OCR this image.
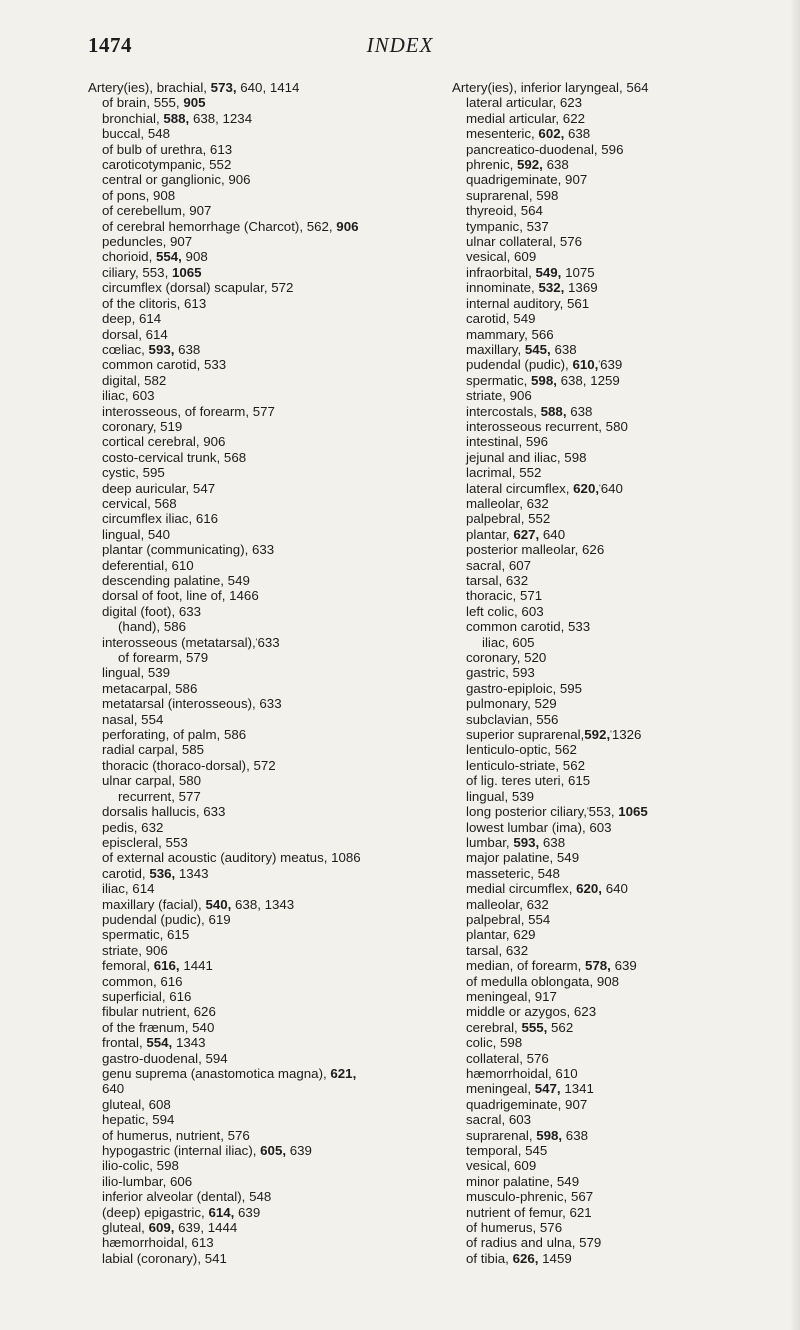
1474	INDEX
Artery(ies), brachial, 573, 640, 1414
of brain, 555, 905
bronchial, 588, 638, 1234
buccal, 548
of bulb of urethra, 613
caroticotympanic, 552
central or ganglionic, 906
of pons, 908
of cerebellum, 907
of cerebral hemorrhage (Charcot), 562, 906
peduncles, 907
chorioid, 554, 908
ciliary, 553, 1065
circumflex (dorsal) scapular, 572
of the clitoris, 613
deep, 614
dorsal, 614
cœliac, 593, 638
common carotid, 533
digital, 582
iliac, 603
interosseous, of forearm, 577
coronary, 519
cortical cerebral, 906
costo-cervical trunk, 568
cystic, 595
deep auricular, 547
cervical, 568
circumflex iliac, 616
lingual, 540
plantar (communicating), 633
deferential, 610
descending palatine, 549
dorsal of foot, line of, 1466
digital (foot), 633
(hand), 586
interosseous (metatarsal),'633
of forearm, 579
lingual, 539
metacarpal, 586
metatarsal (interosseous), 633
nasal, 554
perforating, of palm, 586
radial carpal, 585
thoracic (thoraco-dorsal), 572
ulnar carpal, 580
recurrent, 577
dorsalis hallucis, 633
pedis, 632
episcleral, 553
of external acoustic (auditory) meatus, 1086
carotid, 536, 1343
iliac, 614
maxillary (facial), 540, 638, 1343
pudendal (pudic), 619
spermatic, 615
striate, 906
femoral, 616, 1441
common, 616
superficial, 616
fibular nutrient, 626
of the frænum, 540
frontal, 554, 1343
gastro-duodenal, 594
genu suprema (anastomotica magna), 621,
640
gluteal, 608
hepatic, 594
of humerus, nutrient, 576
hypogastric (internal iliac), 605, 639
ilio-colic, 598
ilio-lumbar, 606
inferior alveolar (dental), 548
(deep) epigastric, 614, 639
gluteal, 609, 639, 1444
hæmorrhoidal, 613
labial (coronary), 541
Artery(ies), inferior laryngeal, 564
lateral articular, 623
medial articular, 622
mesenteric, 602, 638
pancreatico-duodenal, 596
phrenic, 592, 638
quadrigeminate, 907
suprarenal, 598
thyreoid, 564
tympanic, 537
ulnar collateral, 576
vesical, 609
infraorbital, 549, 1075
innominate, 532, 1369
internal auditory, 561
carotid, 549
mammary, 566
maxillary, 545, 638
pudendal (pudic), 610,'639
spermatic, 598, 638, 1259
striate, 906
intercostals, 588, 638
interosseous recurrent, 580
intestinal, 596
jejunal and iliac, 598
lacrimal, 552
lateral circumflex, 620,'640
malleolar, 632
palpebral, 552
plantar, 627, 640
posterior malleolar, 626
sacral, 607
tarsal, 632
thoracic, 571
left colic, 603
common carotid, 533
iliac, 605
coronary, 520
gastric, 593
gastro-epiploic, 595
pulmonary, 529
subclavian, 556
superior suprarenal,592,'1326
lenticulo-optic, 562
lenticulo-striate, 562
of lig. teres uteri, 615
lingual, 539
long posterior ciliary,'553, 1065
lowest lumbar (ima), 603
lumbar, 593, 638
major palatine, 549
masseteric, 548
medial circumflex, 620, 640
malleolar, 632
palpebral, 554
plantar, 629
tarsal, 632
median, of forearm, 578, 639
of medulla oblongata, 908
meningeal, 917
middle or azygos, 623
cerebral, 555, 562
colic, 598
collateral, 576
hæmorrhoidal, 610
meningeal, 547, 1341
quadrigeminate, 907
sacral, 603
suprarenal, 598, 638
temporal, 545
vesical, 609
minor palatine, 549
musculo-phrenic, 567
nutrient of femur, 621
of humerus, 576
of radius and ulna, 579
of tibia, 626, 1459
